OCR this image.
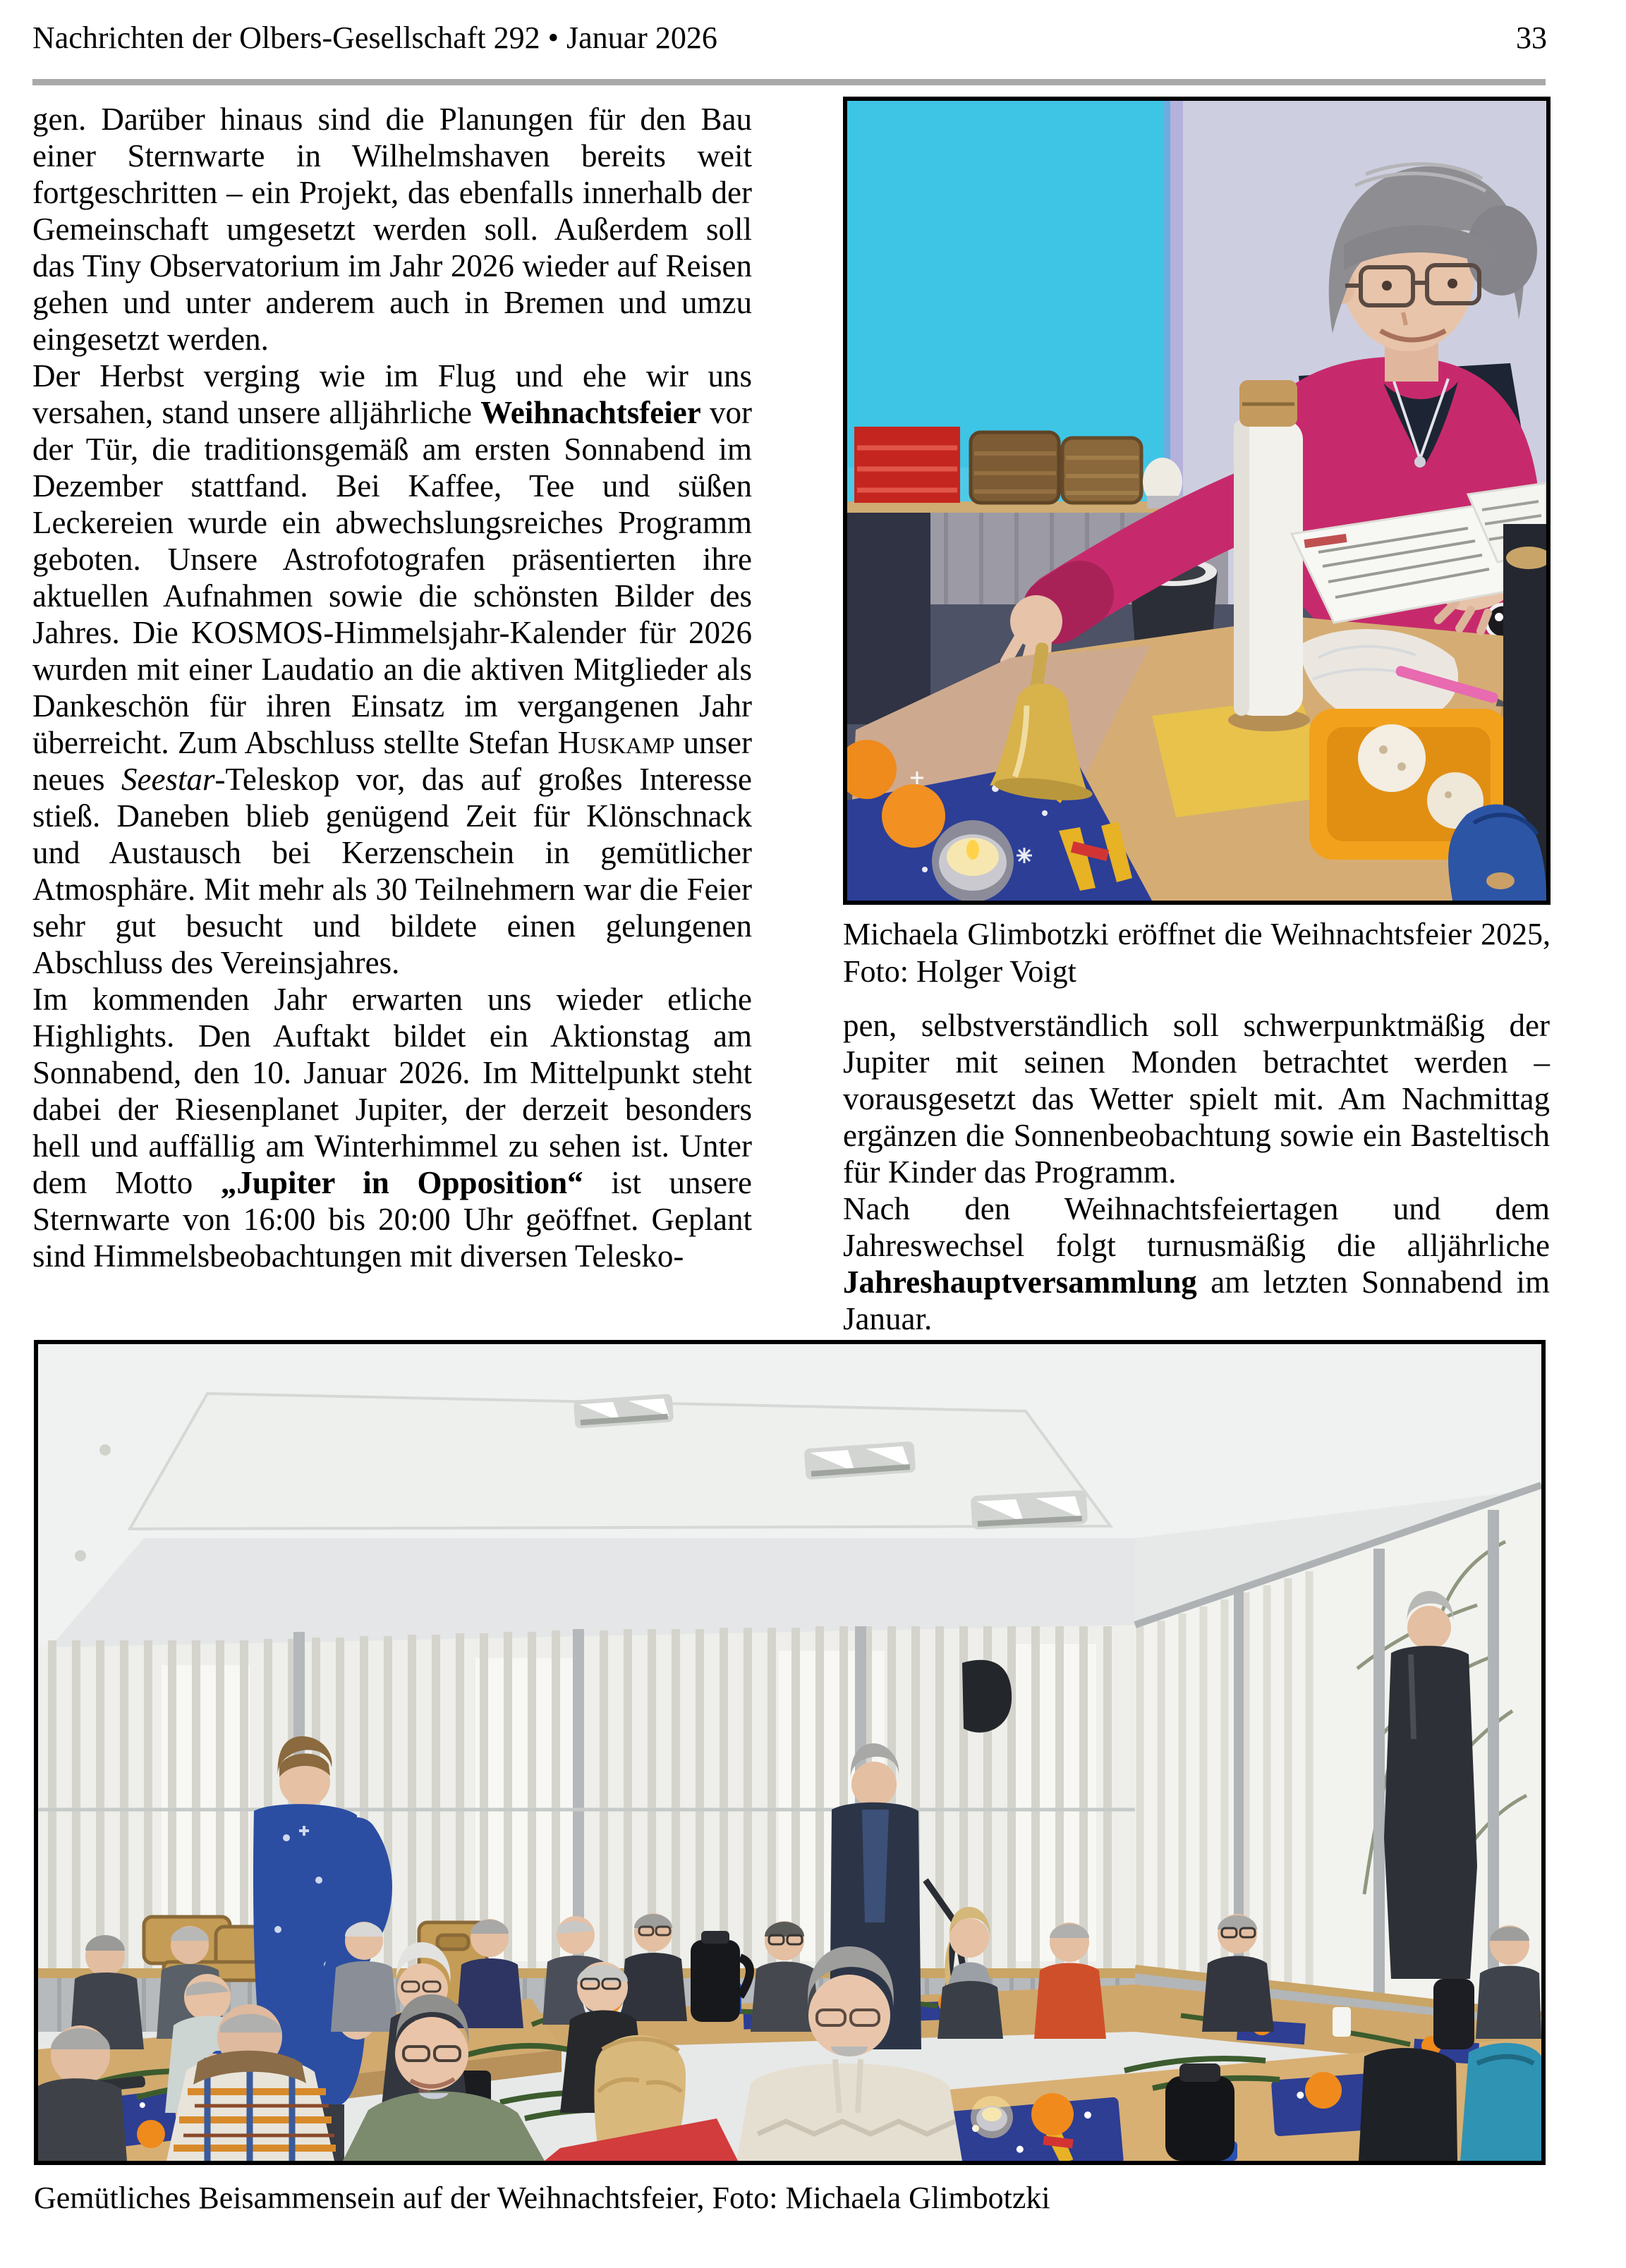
Nachrichten der Olbers-Gesellschaft 292 • Januar 2026	33

gen. Darüber hinaus sind die Planungen für den Bau einer Sternwarte in Wilhelmshaven bereits weit fortgeschritten – ein Projekt, das ebenfalls innerhalb der Gemeinschaft umgesetzt werden soll. Außerdem soll das Tiny Observatorium im Jahr 2026 wieder auf Reisen gehen und unter anderem auch in Bremen und umzu eingesetzt werden.

Der Herbst verging wie im Flug und ehe wir uns versahen, stand unsere alljährliche Weihnachtsfeier vor der Tür, die traditionsgemäß am ersten Sonnabend im Dezember stattfand. Bei Kaffee, Tee und süßen Leckereien wurde ein abwechslungsreiches Programm geboten. Unsere Astrofotografen präsentierten ihre aktuellen Aufnahmen sowie die schönsten Bilder des Jahres. Die KOSMOS-Himmelsjahr-Kalender für 2026 wurden mit einer Laudatio an die aktiven Mitglieder als Dankeschön für ihren Einsatz im vergangenen Jahr überreicht. Zum Abschluss stellte Stefan Huskamp unser neues Seestar-Teleskop vor, das auf großes Interesse stieß. Daneben blieb genügend Zeit für Klönschnack und Austausch bei Kerzenschein in gemütlicher Atmosphäre. Mit mehr als 30 Teilnehmern war die Feier sehr gut besucht und bildete einen gelungenen Abschluss des Vereinsjahres.

Im kommenden Jahr erwarten uns wieder etliche Highlights. Den Auftakt bildet ein Aktionstag am Sonnabend, den 10. Januar 2026. Im Mittelpunkt steht dabei der Riesenplanet Jupiter, der derzeit besonders hell und auffällig am Winterhimmel zu sehen ist. Unter dem Motto „Jupiter in Opposition“ ist unsere Sternwarte von 16:00 bis 20:00 Uhr geöffnet. Geplant sind Himmelsbeobachtungen mit diversen Telesko-

Michaela Glimbotzki eröffnet die Weihnachtsfeier 2025, Foto: Holger Voigt

pen, selbstverständlich soll schwerpunktmäßig der Jupiter mit seinen Monden betrachtet werden – vorausgesetzt das Wetter spielt mit. Am Nachmittag ergänzen die Sonnenbeobachtung sowie ein Basteltisch für Kinder das Programm.

Nach den Weihnachtsfeiertagen und dem Jahreswechsel folgt turnusmäßig die alljährliche Jahreshauptversammlung am letzten Sonnabend im Januar.

Gemütliches Beisammensein auf der Weihnachtsfeier, Foto: Michaela Glimbotzki
